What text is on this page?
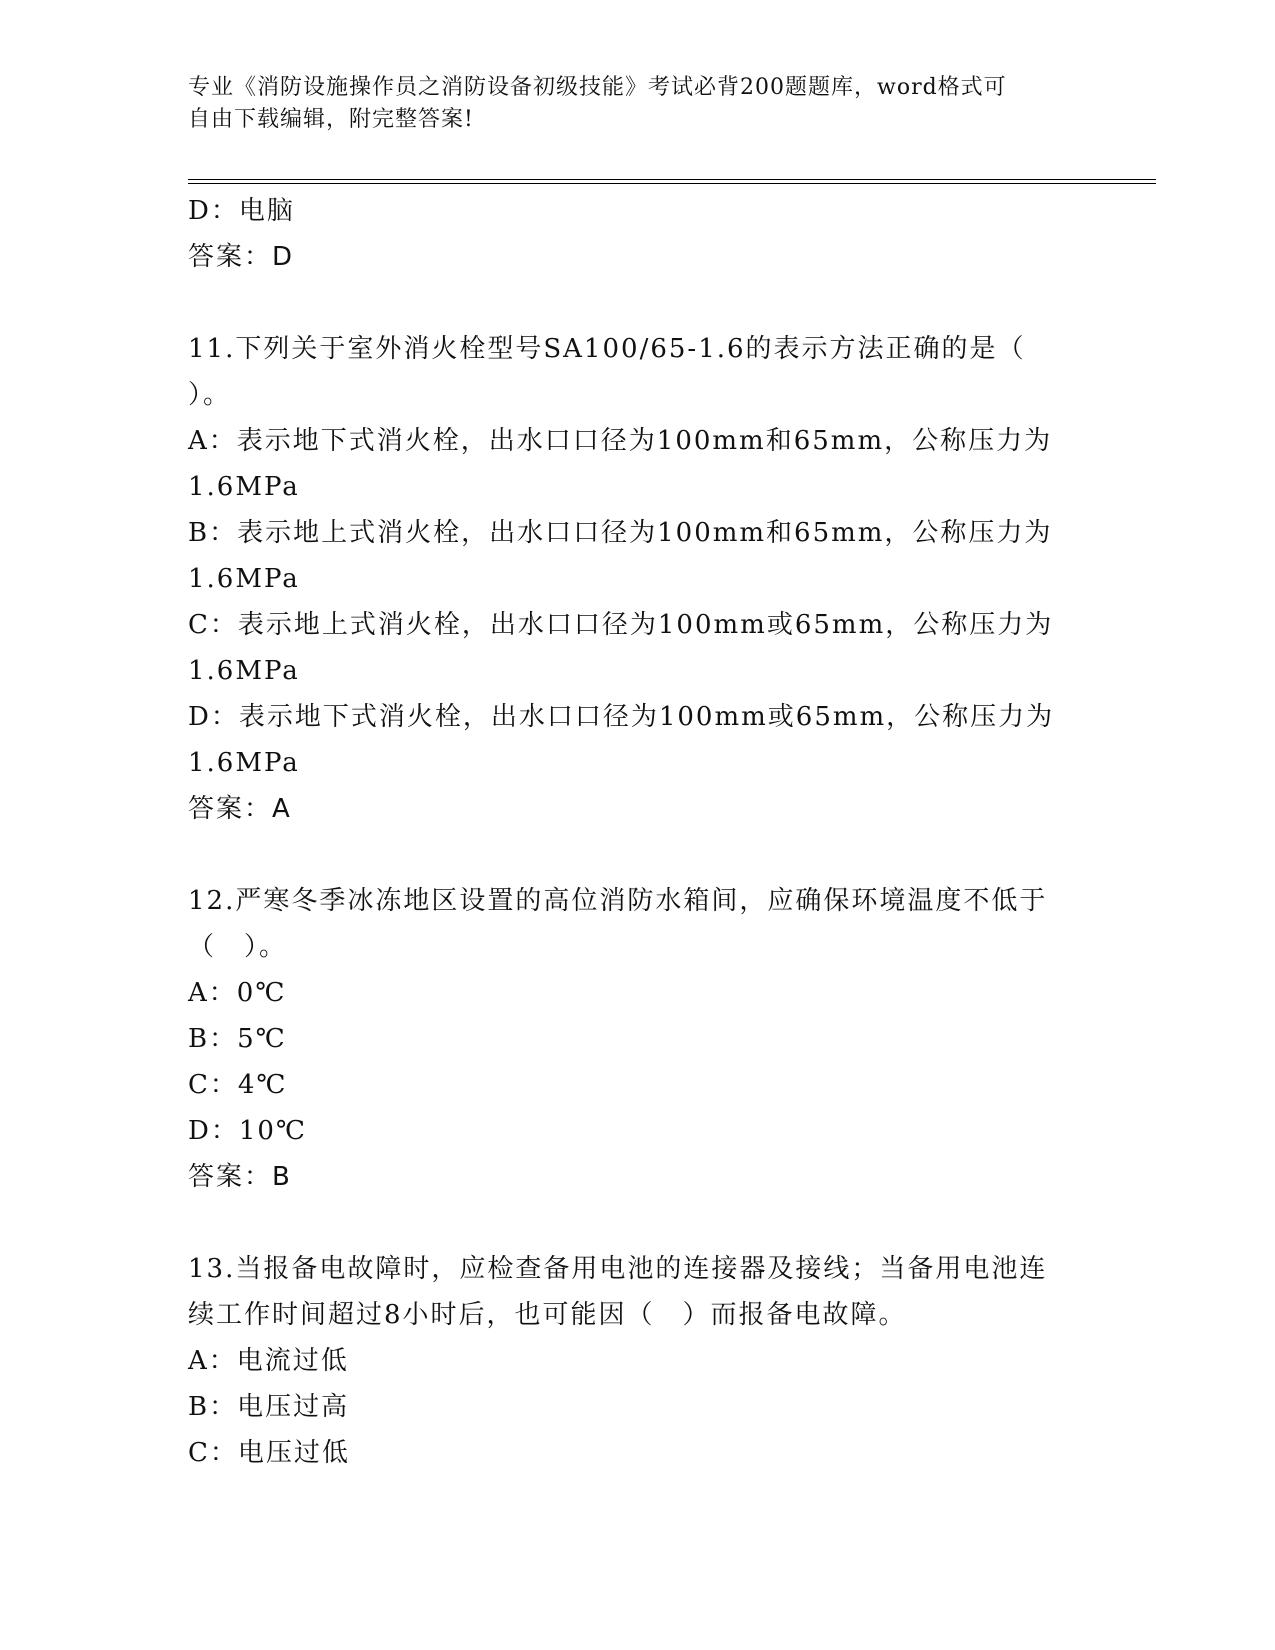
专业《消防设施操作员之消防设备初级技能》考试必背200题题库，word格式可
自由下载编辑，附完整答案!
D：电脑
答案：D
11.下列关于室外消火栓型号SA100/65-1.6的表示方法正确的是（
）。
A：表示地下式消火栓，出水口口径为100mm和65mm，公称压力为
1.6MPa
B：表示地上式消火栓，出水口口径为100mm和65mm，公称压力为
1.6MPa
C：表示地上式消火栓，出水口口径为100mm或65mm，公称压力为
1.6MPa
D：表示地下式消火栓，出水口口径为100mm或65mm，公称压力为
1.6MPa
答案：A
12.严寒冬季冰冻地区设置的高位消防水箱间，应确保环境温度不低于
（　）。
A：0℃
B：5℃
C：4℃
D：10℃
答案：B
13.当报备电故障时，应检查备用电池的连接器及接线；当备用电池连
续工作时间超过8小时后，也可能因（　）而报备电故障。
A：电流过低
B：电压过高
C：电压过低
